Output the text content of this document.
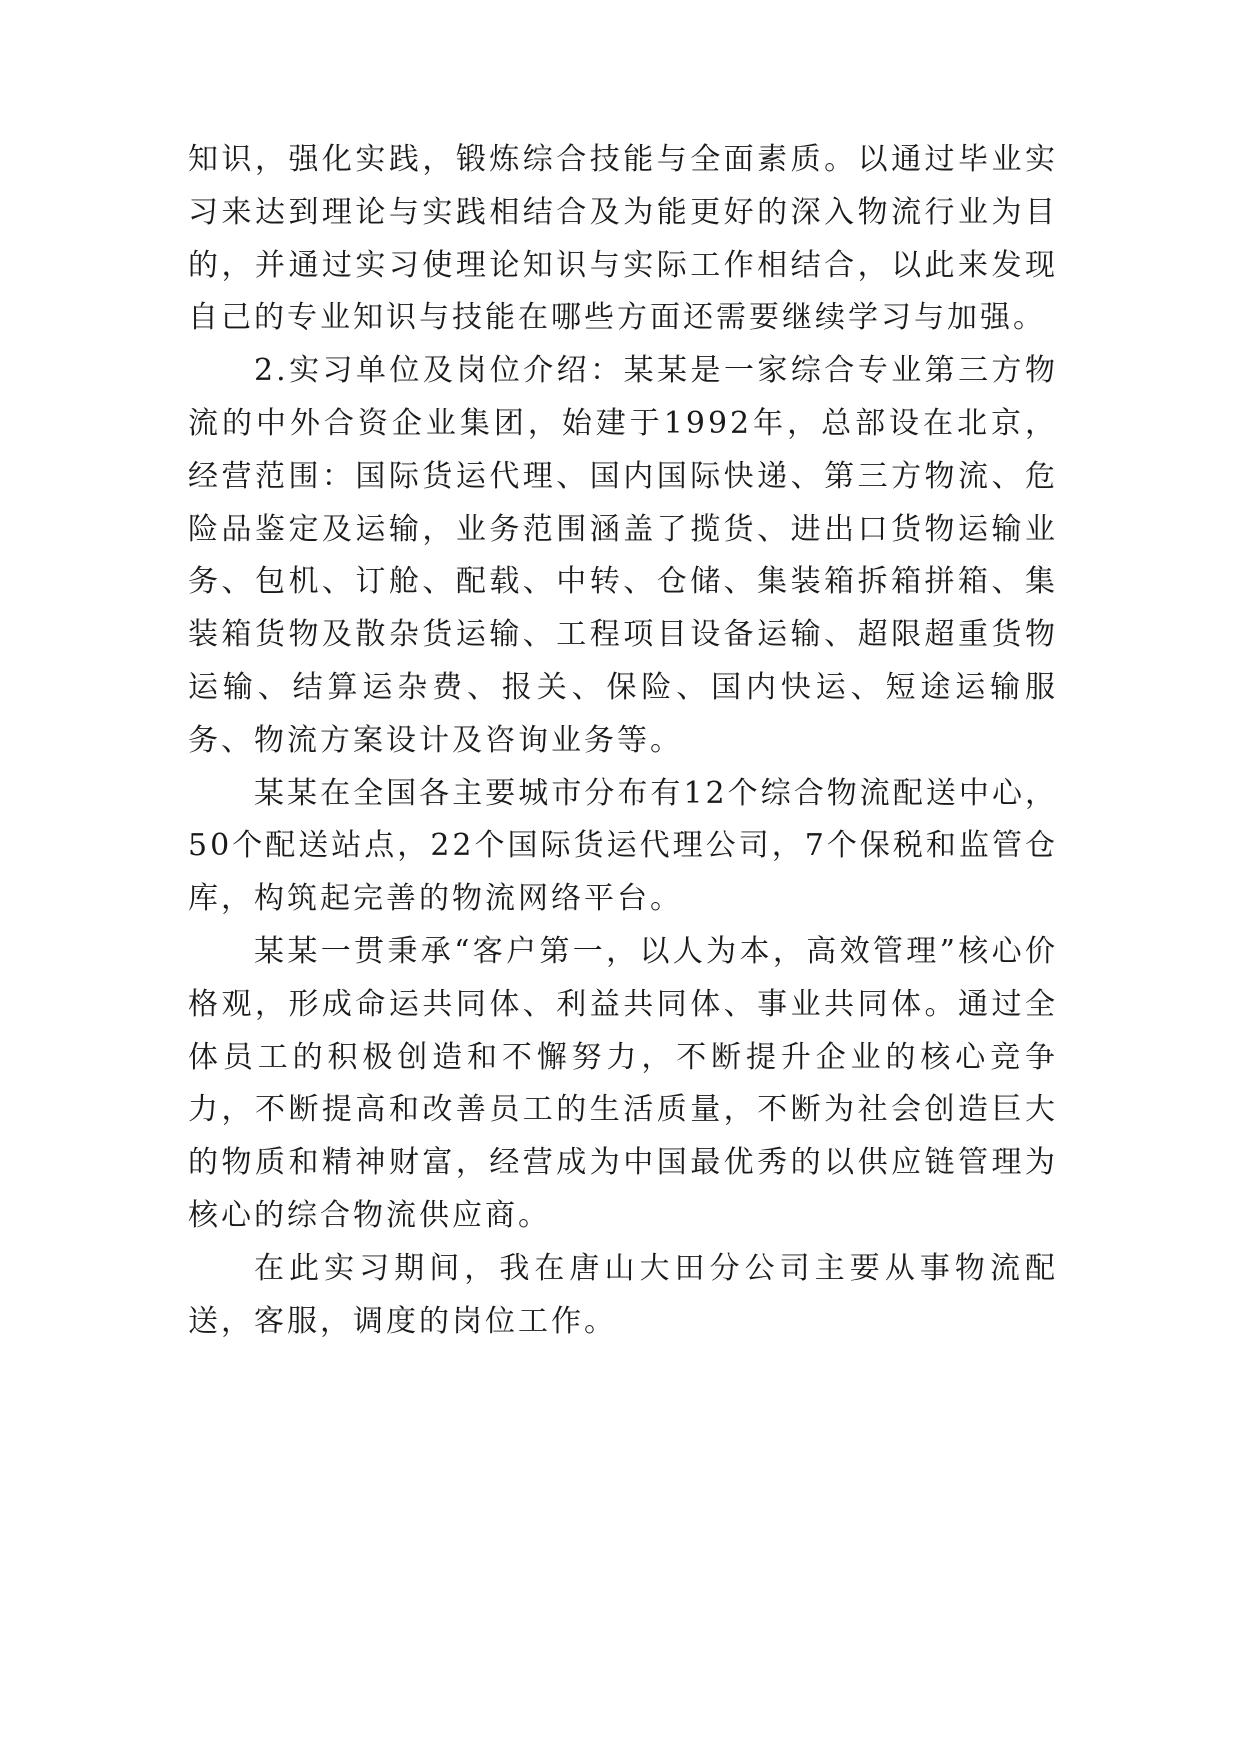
知识，强化实践，锻炼综合技能与全面素质。以通过毕业实习来达到理论与实践相结合及为能更好的深入物流行业为目的，并通过实习使理论知识与实际工作相结合，以此来发现自己的专业知识与技能在哪些方面还需要继续学习与加强。

2.实习单位及岗位介绍：某某是一家综合专业第三方物流的中外合资企业集团，始建于1992年，总部设在北京，经营范围：国际货运代理、国内国际快递、第三方物流、危险品鉴定及运输，业务范围涵盖了揽货、进出口货物运输业务、包机、订舱、配载、中转、仓储、集装箱拆箱拼箱、集装箱货物及散杂货运输、工程项目设备运输、超限超重货物运输、结算运杂费、报关、保险、国内快运、短途运输服务、物流方案设计及咨询业务等。

某某在全国各主要城市分布有12个综合物流配送中心，50个配送站点，22个国际货运代理公司，7个保税和监管仓库，构筑起完善的物流网络平台。

某某一贯秉承“客户第一，以人为本，高效管理”核心价格观，形成命运共同体、利益共同体、事业共同体。通过全体员工的积极创造和不懈努力，不断提升企业的核心竞争力，不断提高和改善员工的生活质量，不断为社会创造巨大的物质和精神财富，经营成为中国最优秀的以供应链管理为核心的综合物流供应商。

在此实习期间，我在唐山大田分公司主要从事物流配送，客服，调度的岗位工作。
